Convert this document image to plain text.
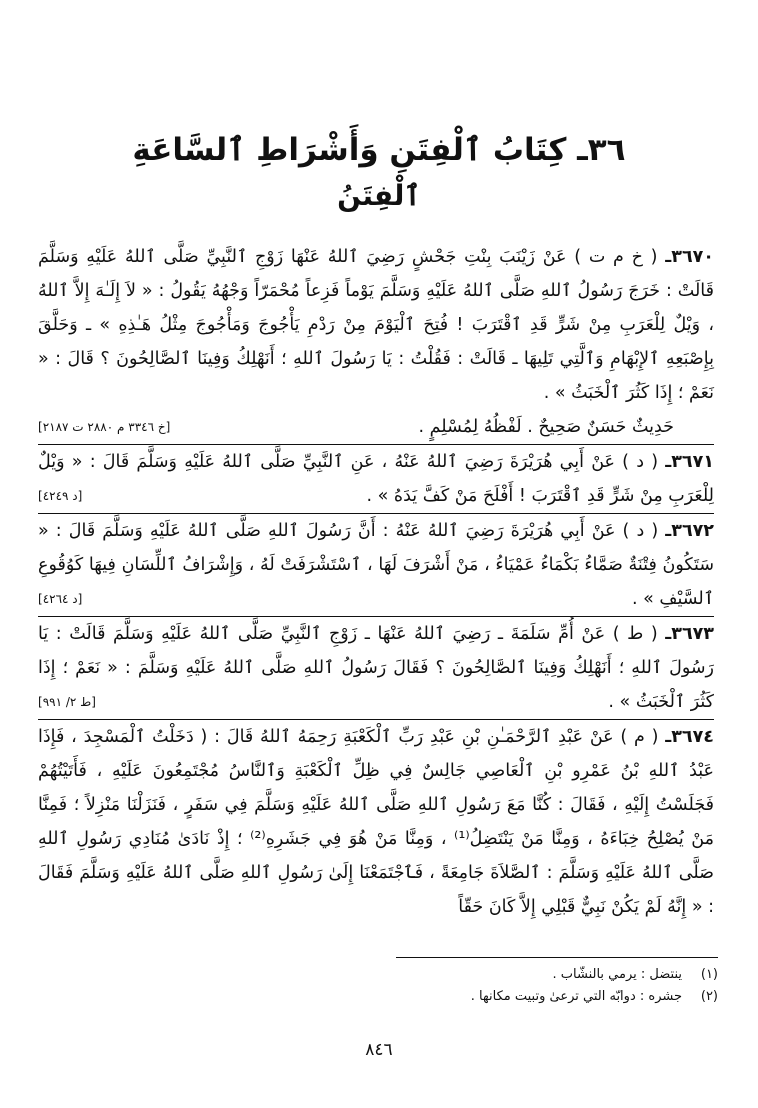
٣٦ـ كِتَابُ ٱلْفِتَنِ وَأَشْرَاطِ ٱلسَّاعَةِ
ٱلْفِتَنُ

٣٦٧٠ـ ( خ م ت ) عَنْ زَيْنَبَ بِنْتِ جَحْشٍ رَضِيَ ٱللهُ عَنْهَا زَوْجِ ٱلنَّبِيِّ صَلَّى ٱللهُ عَلَيْهِ وَسَلَّمَ قَالَتْ : خَرَجَ رَسُولُ ٱللهِ صَلَّى ٱللهُ عَلَيْهِ وَسَلَّمَ يَوْماً فَزِعاً مُحْمَرّاً وَجْهُهُ يَقُولُ : « لاَ إِلَـٰهَ إِلاَّ ٱللهُ ، وَيْلٌ لِلْعَرَبِ مِنْ شَرٍّ قَدِ ٱقْتَرَبَ ! فُتِحَ ٱلْيَوْمَ مِنْ رَدْمِ يَأْجُوجَ وَمَأْجُوجَ مِثْلُ هَـٰذِهِ » ـ وَحَلَّقَ بِإِصْبَعِهِ ٱلإِبْهَامِ وَٱلَّتِي تَلِيهَا ـ قَالَتْ : فَقُلْتُ : يَا رَسُولَ ٱللهِ ؛ أَنَهْلِكُ وَفِينَا ٱلصَّالِحُونَ ؟ قَالَ : « نَعَمْ ؛ إِذَا كَثُرَ ٱلْخَبَثُ » .

[خ ٣٣٤٦ م ٢٨٨٠ ت ٢١٨٧]	حَدِيثٌ حَسَنٌ صَحِيحٌ . لَفْظُهُ لِمُسْلِمٍ .

٣٦٧١ـ ( د ) عَنْ أَبِي هُرَيْرَةَ رَضِيَ ٱللهُ عَنْهُ ، عَنِ ٱلنَّبِيِّ صَلَّى ٱللهُ عَلَيْهِ وَسَلَّمَ قَالَ : « وَيْلٌ لِلْعَرَبِ مِنْ شَرٍّ قَدِ ٱقْتَرَبَ ! أَفْلَحَ مَنْ كَفَّ يَدَهُ » .
[د ٤٢٤٩]

٣٦٧٢ـ ( د ) عَنْ أَبِي هُرَيْرَةَ رَضِيَ ٱللهُ عَنْهُ : أَنَّ رَسُولَ ٱللهِ صَلَّى ٱللهُ عَلَيْهِ وَسَلَّمَ قَالَ : « سَتَكُونُ فِتْنَةٌ صَمَّاءُ بَكْمَاءُ عَمْيَاءُ ، مَنْ أَشْرَفَ لَهَا ، ٱسْتَشْرَفَتْ لَهُ ، وَإِشْرَافُ ٱللِّسَانِ فِيهَا كَوُقُوعِ ٱلسَّيْفِ » .
[د ٤٢٦٤]

٣٦٧٣ـ ( ط ) عَنْ أُمِّ سَلَمَةَ ـ رَضِيَ ٱللهُ عَنْهَا ـ زَوْجِ ٱلنَّبِيِّ صَلَّى ٱللهُ عَلَيْهِ وَسَلَّمَ قَالَتْ : يَا رَسُولَ ٱللهِ ؛ أَنَهْلِكُ وَفِينَا ٱلصَّالِحُونَ ؟ فَقَالَ رَسُولُ ٱللهِ صَلَّى ٱللهُ عَلَيْهِ وَسَلَّمَ : « نَعَمْ ؛ إِذَا كَثُرَ ٱلْخَبَثُ » .
[ط ٢/ ٩٩١]

٣٦٧٤ـ ( م ) عَنْ عَبْدِ ٱلرَّحْمَـٰنِ بْنِ عَبْدِ رَبِّ ٱلْكَعْبَةِ رَحِمَهُ ٱللهُ قَالَ : ( دَخَلْتُ ٱلْمَسْجِدَ ، فَإِذَا عَبْدُ ٱللهِ بْنُ عَمْرِو بْنِ ٱلْعَاصِي جَالِسٌ فِي ظِلِّ ٱلْكَعْبَةِ وَٱلنَّاسُ مُجْتَمِعُونَ عَلَيْهِ ، فَأَتَيْتُهُمْ فَجَلَسْتُ إِلَيْهِ ، فَقَالَ : كُنَّا مَعَ رَسُولِ ٱللهِ صَلَّى ٱللهُ عَلَيْهِ وَسَلَّمَ فِي سَفَرٍ ، فَنَزَلْنَا مَنْزِلاً ؛ فَمِنَّا مَنْ يُصْلِحُ خِبَاءَهُ ، وَمِنَّا مَنْ يَنْتَضِلُ⁽¹⁾ ، وَمِنَّا مَنْ هُوَ فِي جَشَرِهِ⁽²⁾ ؛ إِذْ نَادَىٰ مُنَادِي رَسُولِ ٱللهِ صَلَّى ٱللهُ عَلَيْهِ وَسَلَّمَ : ٱلصَّلاَةَ جَامِعَةً ، فَٱجْتَمَعْنَا إِلَىٰ رَسُولِ ٱللهِ صَلَّى ٱللهُ عَلَيْهِ وَسَلَّمَ فَقَالَ : « إِنَّهُ لَمْ يَكُنْ نَبِيٌّ قَبْلِي إِلاَّ كَانَ حَقّاً

(١)ينتضل : يرمي بالنشّاب .

(٢)جشره : دوابّه التي ترعىٰ وتبيت مكانها .

٨٤٦
